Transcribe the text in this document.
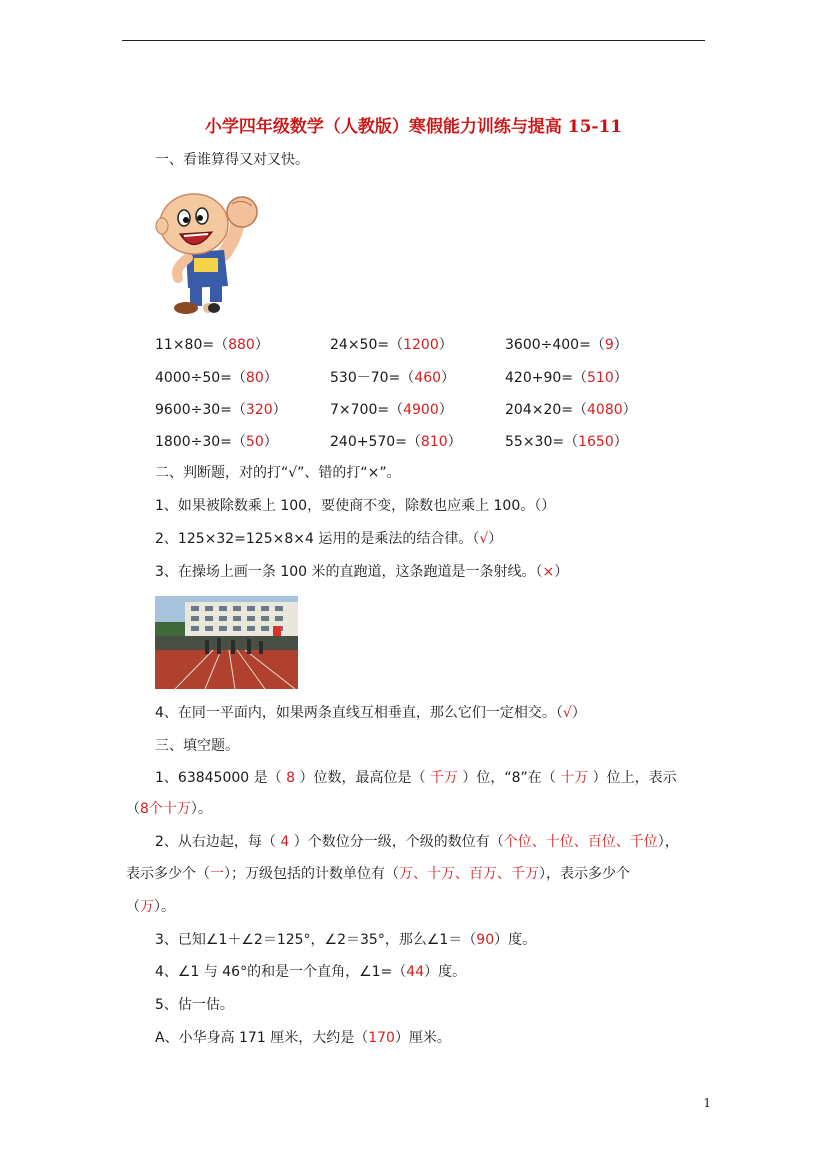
小学四年级数学（人教版）寒假能力训练与提高 15-11
一、看谁算得又对又快。
11×80=（880）	24×50=（1200）	3600÷400=（9）
4000÷50=（80）	530－70=（460）	420+90=（510）
9600÷30=（320）	7×700=（4900）	204×20=（4080）
1800÷30=（50）	240+570=（810）	55×30=（1650）
二、判断题，对的打“√”、错的打“×”。
1、如果被除数乘上 100，要使商不变，除数也应乘上 100。（）
2、125×32=125×8×4 运用的是乘法的结合律。（√）
3、在操场上画一条 100 米的直跑道，这条跑道是一条射线。（×）
4、在同一平面内，如果两条直线互相垂直，那么它们一定相交。（√）
三、填空题。
1、63845000 是（ 8 ）位数，最高位是（ 千万 ）位，“8”在（ 十万 ）位上，表示
（8个十万）。
2、从右边起，每（ 4 ）个数位分一级，个级的数位有（个位、十位、百位、千位），
表示多少个（一）；万级包括的计数单位有（万、十万、百万、千万），表示多少个
（万）。
3、已知∠1＋∠2＝125°，∠2＝35°，那么∠1＝（90）度。
4、∠1 与 46°的和是一个直角，∠1=（44）度。
5、估一估。
A、小华身高 171 厘米，大约是（170）厘米。
1
